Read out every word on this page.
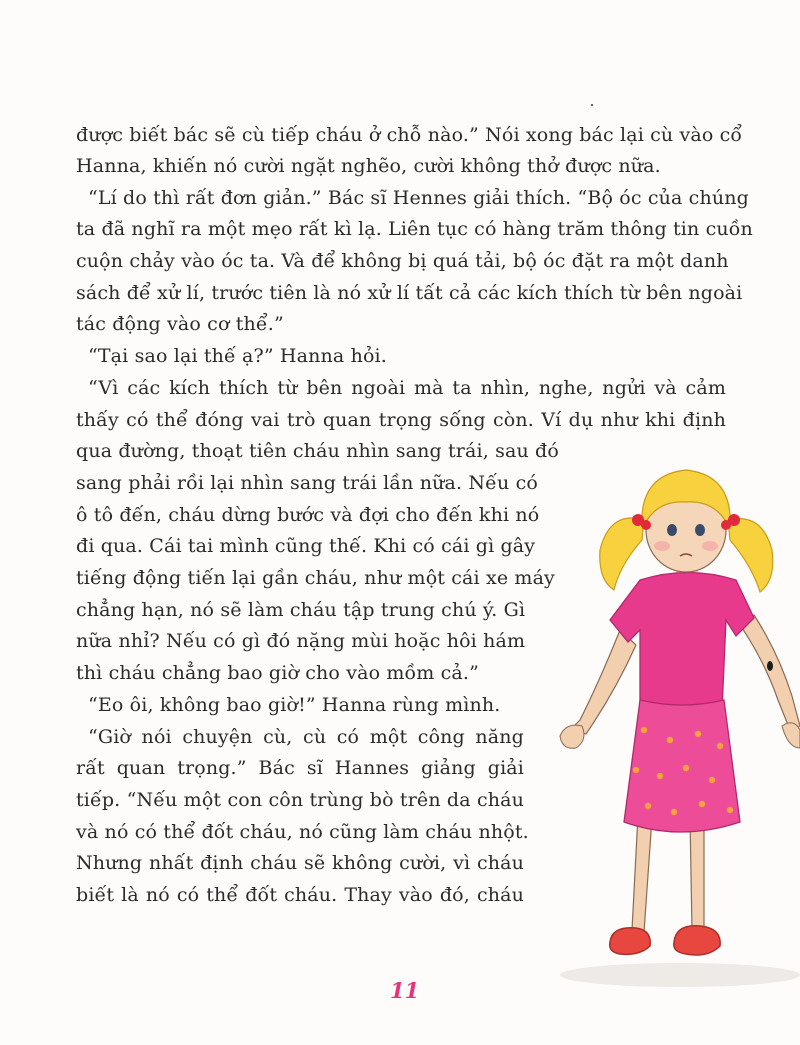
được biết bác sẽ cù tiếp cháu ở chỗ nào.” Nói xong bác lại cù vào cổ
Hanna, khiến nó cười ngặt nghẽo, cười không thở được nữa.
“Lí do thì rất đơn giản.” Bác sĩ Hennes giải thích. “Bộ óc của chúng
ta đã nghĩ ra một mẹo rất kì lạ. Liên tục có hàng trăm thông tin cuồn
cuộn chảy vào óc ta. Và để không bị quá tải, bộ óc đặt ra một danh
sách để xử lí, trước tiên là nó xử lí tất cả các kích thích từ bên ngoài
tác động vào cơ thể.”
“Tại sao lại thế ạ?” Hanna hỏi.
“Vì các kích thích từ bên ngoài mà ta nhìn, nghe, ngửi và cảm
thấy có thể đóng vai trò quan trọng sống còn. Ví dụ như khi định
qua đường, thoạt tiên cháu nhìn sang trái, sau đó
sang phải rồi lại nhìn sang trái lần nữa. Nếu có
ô tô đến, cháu dừng bước và đợi cho đến khi nó
đi qua. Cái tai mình cũng thế. Khi có cái gì gây
tiếng động tiến lại gần cháu, như một cái xe máy
chẳng hạn, nó sẽ làm cháu tập trung chú ý. Gì
nữa nhỉ? Nếu có gì đó nặng mùi hoặc hôi hám
thì cháu chẳng bao giờ cho vào mồm cả.”
“Eo ôi, không bao giờ!” Hanna rùng mình.
“Giờ nói chuyện cù, cù có một công năng
rất quan trọng.” Bác sĩ Hannes giảng giải
tiếp. “Nếu một con côn trùng bò trên da cháu
và nó có thể đốt cháu, nó cũng làm cháu nhột.
Nhưng nhất định cháu sẽ không cười, vì cháu
biết là nó có thể đốt cháu. Thay vào đó, cháu
11
